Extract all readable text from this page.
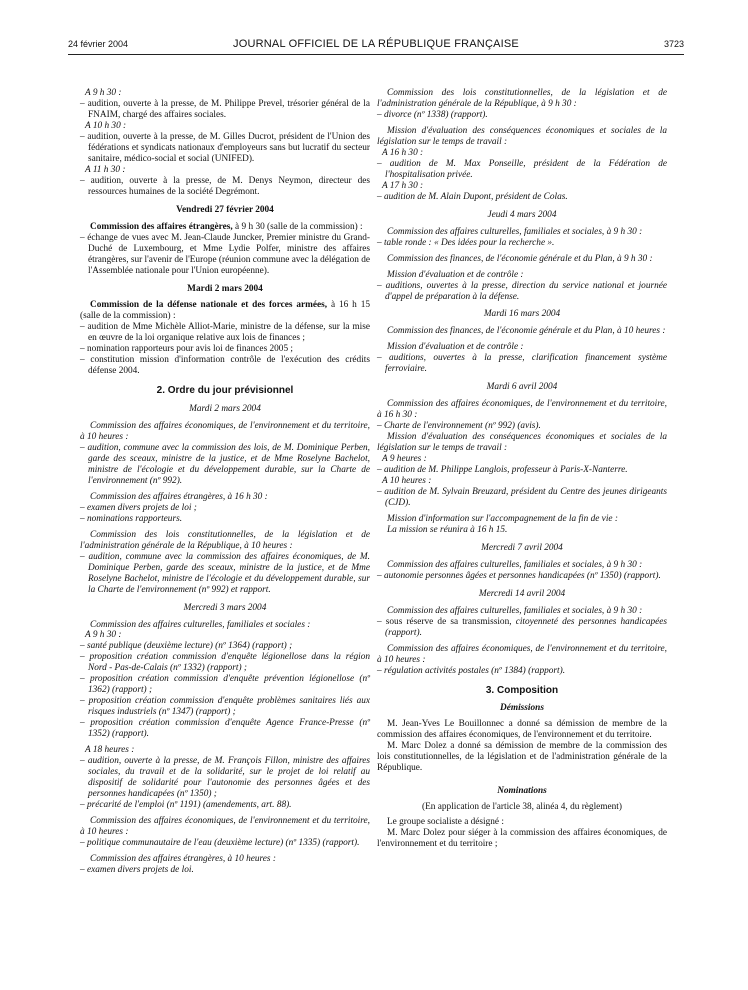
24 février 2004	JOURNAL OFFICIEL DE LA RÉPUBLIQUE FRANÇAISE	3723

A 9 h 30 :

– audition, ouverte à la presse, de M. Philippe Prevel, trésorier général de la FNAIM, chargé des affaires sociales.

A 10 h 30 :

– audition, ouverte à la presse, de M. Gilles Ducrot, président de l'Union des fédérations et syndicats nationaux d'employeurs sans but lucratif du secteur sanitaire, médico-social et social (UNIFED).

A 11 h 30 :

– audition, ouverte à la presse, de M. Denys Neymon, directeur des ressources humaines de la société Degrémont.

Vendredi 27 février 2004

Commission des affaires étrangères, à 9 h 30 (salle de la commission) :

– échange de vues avec M. Jean-Claude Juncker, Premier ministre du Grand-Duché de Luxembourg, et Mme Lydie Polfer, ministre des affaires étrangères, sur l'avenir de l'Europe (réunion commune avec la délégation de l'Assemblée nationale pour l'Union européenne).

Mardi 2 mars 2004

Commission de la défense nationale et des forces armées, à 16 h 15 (salle de la commission) :

– audition de Mme Michèle Alliot-Marie, ministre de la défense, sur la mise en œuvre de la loi organique relative aux lois de finances ;

– nomination rapporteurs pour avis loi de finances 2005 ;

– constitution mission d'information contrôle de l'exécution des crédits défense 2004.

2. Ordre du jour prévisionnel

Mardi 2 mars 2004

Commission des affaires économiques, de l'environnement et du territoire, à 10 heures :

– audition, commune avec la commission des lois, de M. Dominique Perben, garde des sceaux, ministre de la justice, et de Mme Roselyne Bachelot, ministre de l'écologie et du développement durable, sur la Charte de l'environnement (nº 992).

Commission des affaires étrangères, à 16 h 30 :

– examen divers projets de loi ;

– nominations rapporteurs.

Commission des lois constitutionnelles, de la législation et de l'administration générale de la République, à 10 heures :

– audition, commune avec la commission des affaires économiques, de M. Dominique Perben, garde des sceaux, ministre de la justice, et de Mme Roselyne Bachelot, ministre de l'écologie et du développement durable, sur la Charte de l'environnement (nº 992) et rapport.

Mercredi 3 mars 2004

Commission des affaires culturelles, familiales et sociales :

A 9 h 30 :

– santé publique (deuxième lecture) (nº 1364) (rapport) ;

– proposition création commission d'enquête légionellose dans la région Nord - Pas-de-Calais (nº 1332) (rapport) ;

– proposition création commission d'enquête prévention légionellose (nº 1362) (rapport) ;

– proposition création commission d'enquête problèmes sanitaires liés aux risques industriels (nº 1347) (rapport) ;

– proposition création commission d'enquête Agence France-Presse (nº 1352) (rapport).

A 18 heures :

– audition, ouverte à la presse, de M. François Fillon, ministre des affaires sociales, du travail et de la solidarité, sur le projet de loi relatif au dispositif de solidarité pour l'autonomie des personnes âgées et des personnes handicapées (nº 1350) ;

– précarité de l'emploi (nº 1191) (amendements, art. 88).

Commission des affaires économiques, de l'environnement et du territoire, à 10 heures :

– politique communautaire de l'eau (deuxième lecture) (nº 1335) (rapport).

Commission des affaires étrangères, à 10 heures :

– examen divers projets de loi.

Commission des lois constitutionnelles, de la législation et de l'administration générale de la République, à 9 h 30 :

– divorce (nº 1338) (rapport).

Mission d'évaluation des conséquences économiques et sociales de la législation sur le temps de travail :

A 16 h 30 :

– audition de M. Max Ponseille, président de la Fédération de l'hospitalisation privée.

A 17 h 30 :

– audition de M. Alain Dupont, président de Colas.

Jeudi 4 mars 2004

Commission des affaires culturelles, familiales et sociales, à 9 h 30 :

– table ronde : « Des idées pour la recherche ».

Commission des finances, de l'économie générale et du Plan, à 9 h 30 :

Mission d'évaluation et de contrôle :

– auditions, ouvertes à la presse, direction du service national et journée d'appel de préparation à la défense.

Mardi 16 mars 2004

Commission des finances, de l'économie générale et du Plan, à 10 heures :

Mission d'évaluation et de contrôle :

– auditions, ouvertes à la presse, clarification financement système ferroviaire.

Mardi 6 avril 2004

Commission des affaires économiques, de l'environnement et du territoire, à 16 h 30 :

– Charte de l'environnement (nº 992) (avis).

Mission d'évaluation des conséquences économiques et sociales de la législation sur le temps de travail :

A 9 heures :

– audition de M. Philippe Langlois, professeur à Paris-X-Nanterre.

A 10 heures :

– audition de M. Sylvain Breuzard, président du Centre des jeunes dirigeants (CJD).

Mission d'information sur l'accompagnement de la fin de vie :

La mission se réunira à 16 h 15.

Mercredi 7 avril 2004

Commission des affaires culturelles, familiales et sociales, à 9 h 30 :

– autonomie personnes âgées et personnes handicapées (nº 1350) (rapport).

Mercredi 14 avril 2004

Commission des affaires culturelles, familiales et sociales, à 9 h 30 :

– sous réserve de sa transmission, citoyenneté des personnes handicapées (rapport).

Commission des affaires économiques, de l'environnement et du territoire, à 10 heures :

– régulation activités postales (nº 1384) (rapport).

3. Composition

Démissions

M. Jean-Yves Le Bouillonnec a donné sa démission de membre de la commission des affaires économiques, de l'environnement et du territoire.

M. Marc Dolez a donné sa démission de membre de la commission des lois constitutionnelles, de la législation et de l'administration générale de la République.

Nominations

(En application de l'article 38, alinéa 4, du règlement)

Le groupe socialiste a désigné :

M. Marc Dolez pour siéger à la commission des affaires économiques, de l'environnement et du territoire ;
